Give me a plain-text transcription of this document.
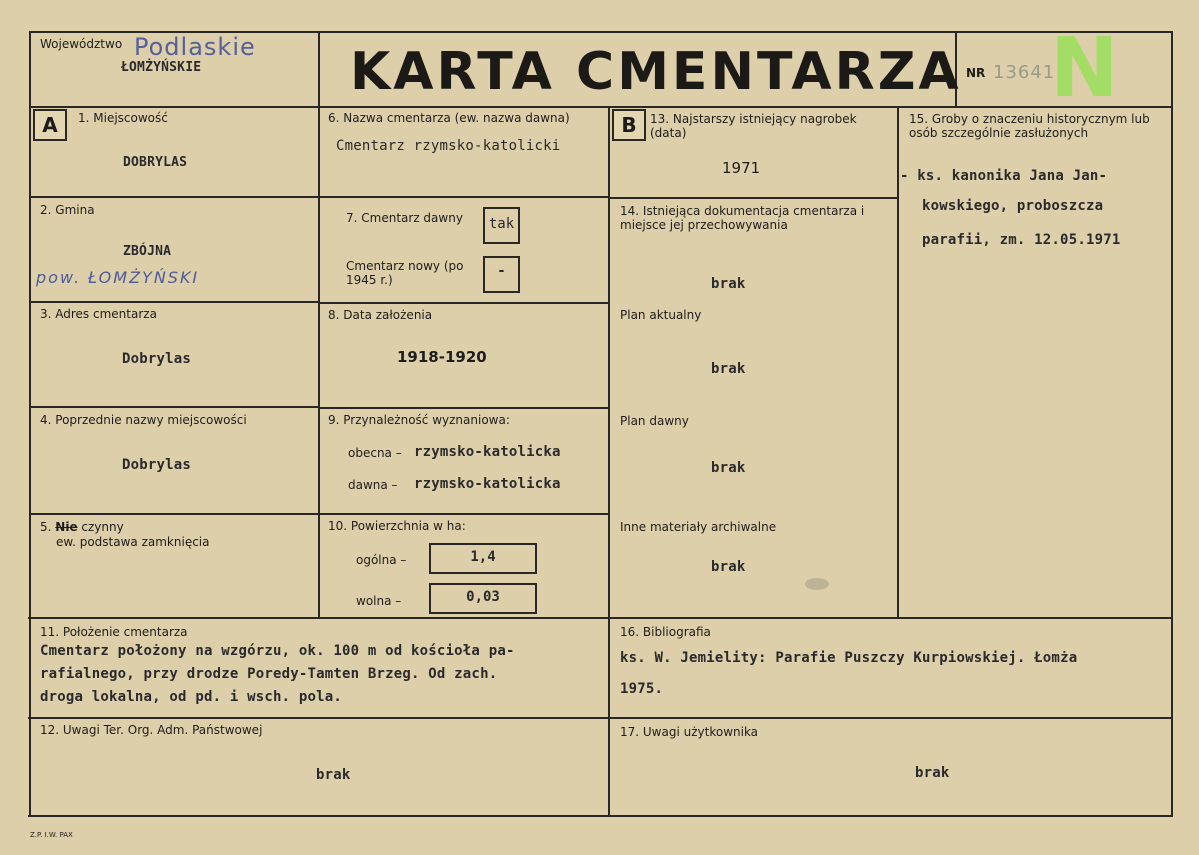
Województwo Podlaskie
ŁOMŻYŃSKIE	KARTA CMENTARZA NR 13641
N
A	1. Miejscowość
DOBRYLAS
2. Gmina
ZBÓJNA
pow. ŁOMŻYŃSKI
3. Adres cmentarza
Dobrylas
4. Poprzednie nazwy miejscowości
Dobrylas
5. Nie czynny
ew. podstawa zamknięcia
6. Nazwa cmentarza (ew. nazwa dawna)
Cmentarz rzymsko-katolicki
7. Cmentarz dawny	tak
Cmentarz nowy (po 1945 r.)
-
8. Data założenia
1918-1920
9. Przynależność wyznaniowa:
obecna – rzymsko-katolicka
dawna – rzymsko-katolicka
10. Powierzchnia w ha:
ogólna –	1,4
wolna –	0,03
B	13. Najstarszy istniejący nagrobek (data)
1971
14. Istniejąca dokumentacja cmentarza i miejsce jej przechowywania
brak
Plan aktualny
brak
Plan dawny
brak
Inne materiały archiwalne
brak
15. Groby o znaczeniu historycznym lub osób szczególnie zasłużonych
- ks. kanonika Jana Jan-
kowskiego, proboszcza
parafii, zm. 12.05.1971
11. Położenie cmentarza
Cmentarz położony na wzgórzu, ok. 100 m od kościoła pa-
rafialnego, przy drodze Poredy-Tamten Brzeg. Od zach.
droga lokalna, od pd. i wsch. pola.
16. Bibliografia
ks. W. Jemielity: Parafie Puszczy Kurpiowskiej. Łomża
1975.
12. Uwagi Ter. Org. Adm. Państwowej
brak
17. Uwagi użytkownika
brak
Z.P. I.W. PAX
